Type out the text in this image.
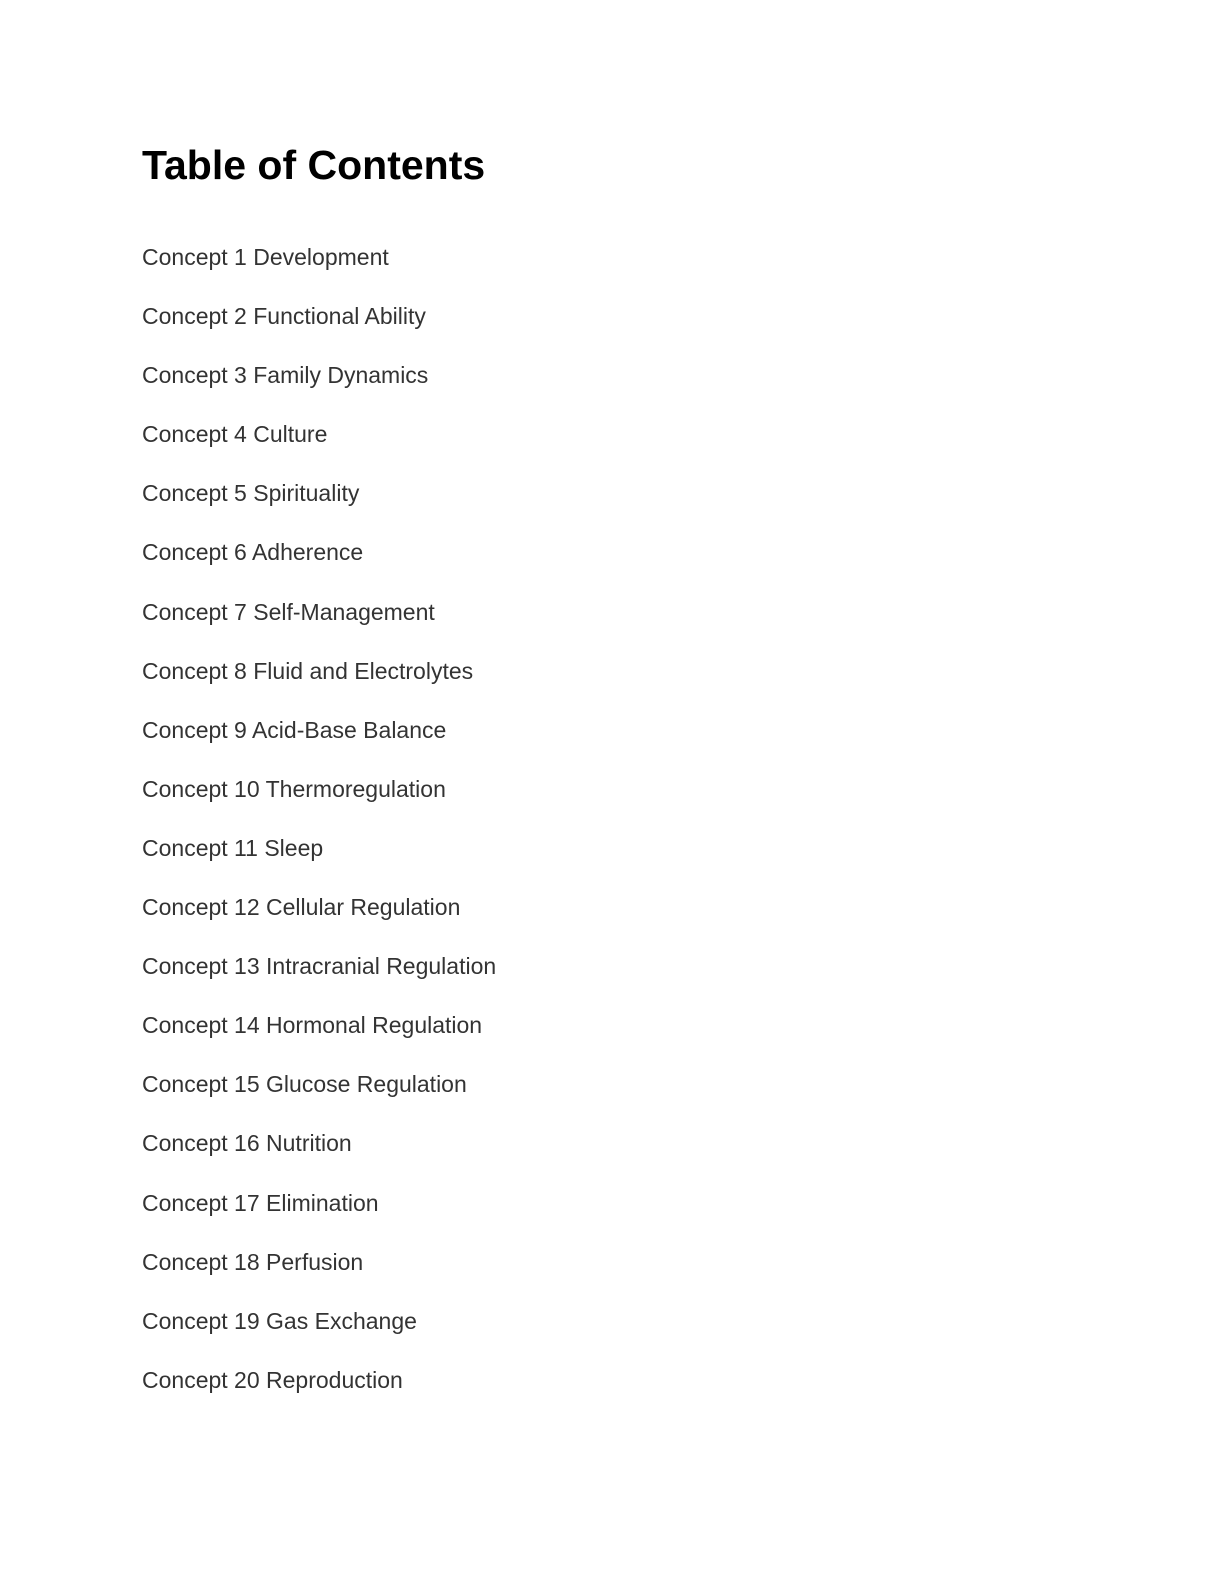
Table of Contents
Concept 1 Development
Concept 2 Functional Ability
Concept 3 Family Dynamics
Concept 4 Culture
Concept 5 Spirituality
Concept 6 Adherence
Concept 7 Self-Management
Concept 8 Fluid and Electrolytes
Concept 9 Acid-Base Balance
Concept 10 Thermoregulation
Concept 11 Sleep
Concept 12 Cellular Regulation
Concept 13 Intracranial Regulation
Concept 14 Hormonal Regulation
Concept 15 Glucose Regulation
Concept 16 Nutrition
Concept 17 Elimination
Concept 18 Perfusion
Concept 19 Gas Exchange
Concept 20 Reproduction
